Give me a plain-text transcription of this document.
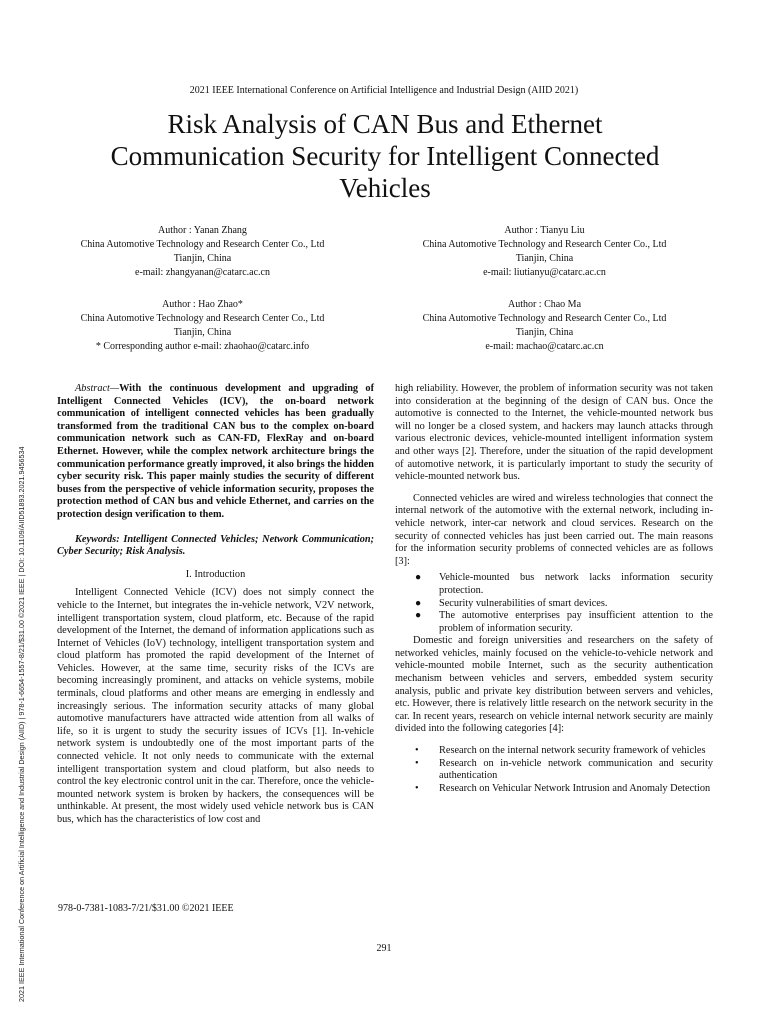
2021 IEEE International Conference on Artificial Intelligence and Industrial Design (AIID) | 978-1-6654-1557-8/21/$31.00 ©2021 IEEE | DOI: 10.1109/AIID51893.2021.9456534
2021 IEEE International Conference on Artificial Intelligence and Industrial Design (AIID 2021)
Risk Analysis of CAN Bus and Ethernet
Communication Security for Intelligent Connected
Vehicles
Author : Yanan Zhang
China Automotive Technology and Research Center Co., Ltd
Tianjin, China
e-mail: zhangyanan@catarc.ac.cn
Author : Tianyu Liu
China Automotive Technology and Research Center Co., Ltd
Tianjin, China
e-mail: liutianyu@catarc.ac.cn
Author : Hao Zhao*
China Automotive Technology and Research Center Co., Ltd
Tianjin, China
* Corresponding author e-mail: zhaohao@catarc.info
Author : Chao Ma
China Automotive Technology and Research Center Co., Ltd
Tianjin, China
e-mail: machao@catarc.ac.cn

Abstract—With the continuous development and upgrading of Intelligent Connected Vehicles (ICV), the on-board network communication of intelligent connected vehicles has been gradually transformed from the traditional CAN bus to the complex on-board communication network such as CAN-FD, FlexRay and on-board Ethernet. However, while the complex network architecture brings the communication performance greatly improved, it also brings the hidden cyber security risk. This paper mainly studies the security of different buses from the perspective of vehicle information security, proposes the protection method of CAN bus and vehicle Ethernet, and carries on the protection design verification to them.

Keywords: Intelligent Connected Vehicles; Network Communication; Cyber Security; Risk Analysis.

I. Introduction

Intelligent Connected Vehicle (ICV) does not simply connect the vehicle to the Internet, but integrates the in-vehicle network, V2V network, intelligent transportation system, cloud platform, etc. Because of the rapid development of the Internet, the demand of information applications such as Internet of Vehicles (IoV) technology, intelligent transportation system and cloud platform has promoted the rapid development of the Internet of Vehicles. However, at the same time, security risks of the ICVs are becoming increasingly prominent, and attacks on vehicle systems, mobile terminals, cloud platforms and other means are emerging in endlessly and increasingly serious. The information security attacks of many global automotive manufacturers have attracted wide attention from all walks of life, so it is urgent to study the security issues of ICVs [1]. In-vehicle network system is undoubtedly one of the most important parts of the connected vehicle. It not only needs to communicate with the external intelligent transportation system and cloud platform, but also needs to control the key electronic control unit in the car. Therefore, once the vehicle-mounted network system is broken by hackers, the consequences will be unthinkable. At present, the most widely used vehicle network bus is CAN bus, which has the characteristics of low cost and

high reliability. However, the problem of information security was not taken into consideration at the beginning of the design of CAN bus. Once the automotive is connected to the Internet, the vehicle-mounted network bus will no longer be a closed system, and hackers may launch attacks through various electronic devices, vehicle-mounted intelligent information system and other ways [2]. Therefore, under the situation of the rapid development of automotive network, it is particularly important to study the security of vehicle-mounted network bus.

Connected vehicles are wired and wireless technologies that connect the internal network of the automotive with the external network, including in-vehicle network, inter-car network and cloud services. Research on the security of connected vehicles has just been carried out. The main reasons for the information security problems of connected vehicles are as follows [3]:

● Vehicle-mounted bus network lacks information security protection.
● Security vulnerabilities of smart devices.
● The automotive enterprises pay insufficient attention to the problem of information security.

Domestic and foreign universities and researchers on the safety of networked vehicles, mainly focused on the vehicle-to-vehicle network and vehicle-mounted mobile Internet, such as the security authentication mechanism between vehicles and servers, embedded system security analysis, public and private key distribution between servers and vehicles, etc. However, there is relatively little research on the network security in the car. In recent years, research on vehicle internal network security are mainly divided into the following categories [4]:

• Research on the internal network security framework of vehicles
• Research on in-vehicle network communication and security authentication
• Research on Vehicular Network Intrusion and Anomaly Detection
978-0-7381-1083-7/21/$31.00 ©2021 IEEE
291
